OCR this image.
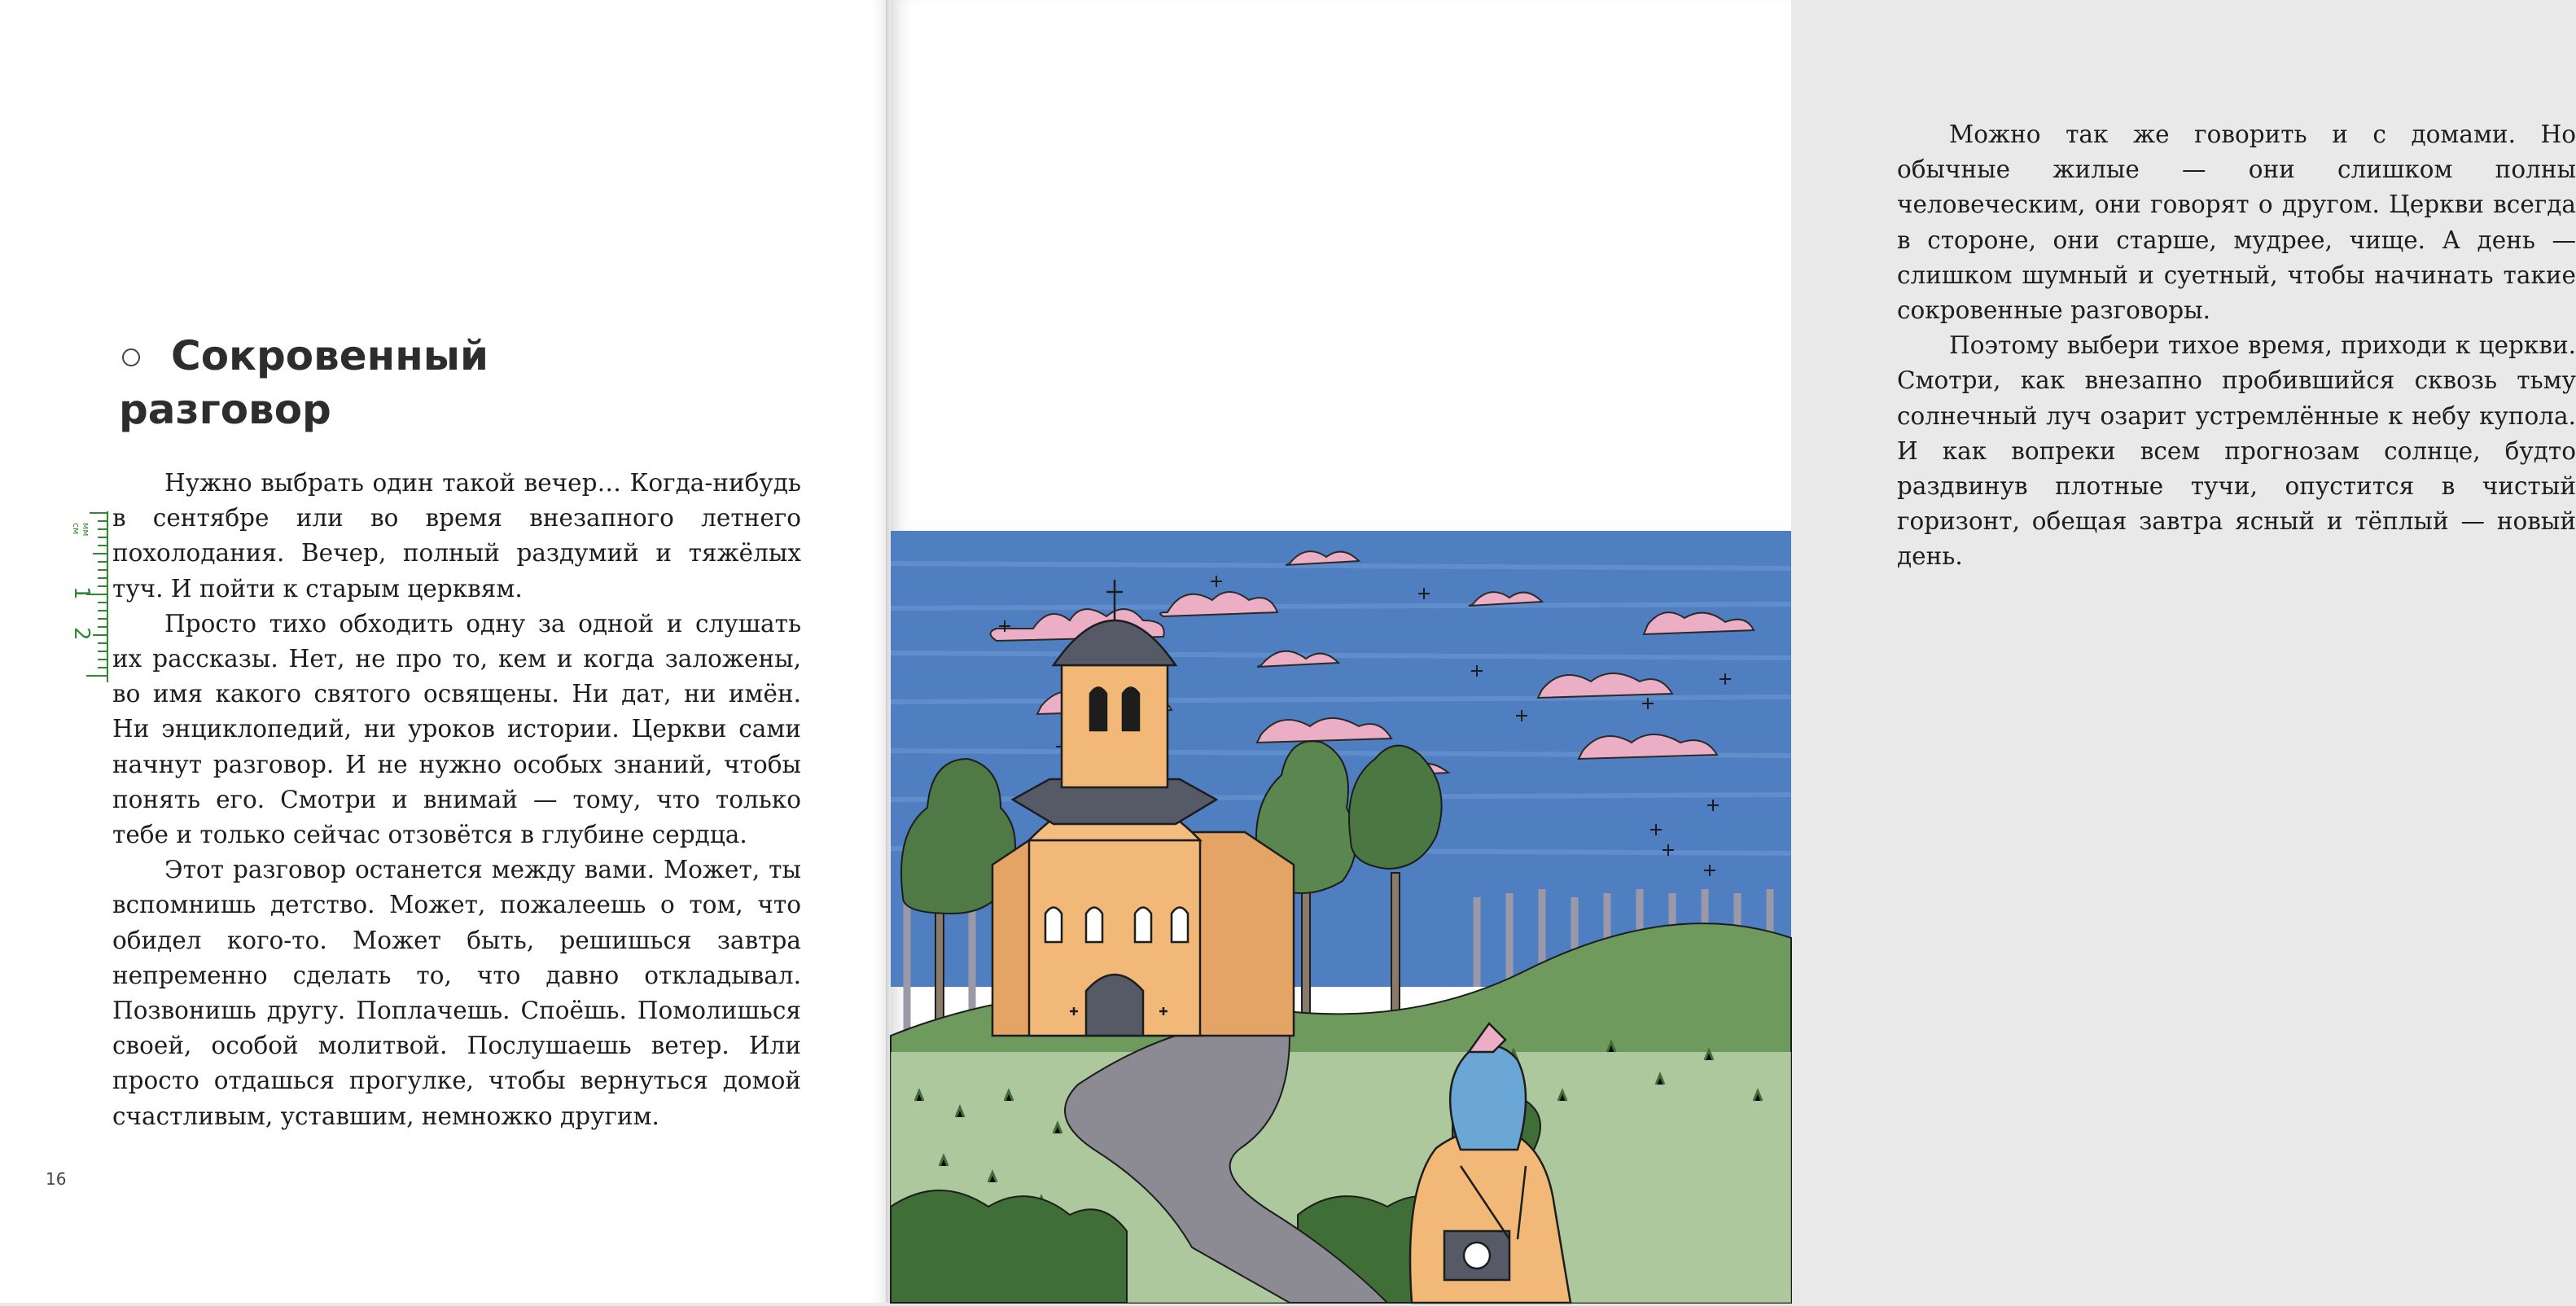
Сокровенный
разговор
мм
см
1
2

Нужно выбрать один такой вечер… Когда-нибудь в сентябре или во время внезапного летнего похолодания. Вечер, полный раздумий и тяжёлых туч. И пойти к старым церквям.

Просто тихо обходить одну за одной и слушать их рассказы. Нет, не про то, кем и когда заложены, во имя какого святого освящены. Ни дат, ни имён. Ни энциклопедий, ни уроков истории. Церкви сами начнут разговор. И не нужно особых знаний, чтобы понять его. Смотри и внимай — тому, что только тебе и только сейчас отзовётся в глубине сердца.

Этот разговор останется между вами. Может, ты вспомнишь детство. Может, пожалеешь о том, что обидел кого-то. Может быть, решишься завтра непременно сделать то, что давно откладывал. Позвонишь другу. Поплачешь. Споёшь. Помолишься своей, особой молитвой. Послушаешь ветер. Или просто отдашься прогулке, чтобы вернуться домой счастливым, уставшим, немножко другим.

16

Можно так же говорить и с домами. Но обычные жилые — они слишком полны человеческим, они говорят о другом. Церкви всегда в стороне, они старше, мудрее, чище. А день — слишком шумный и суетный, чтобы начинать такие сокровенные разговоры.

Поэтому выбери тихое время, приходи к церкви. Смотри, как внезапно пробившийся сквозь тьму солнечный луч озарит устремлённые к небу купола. И как вопреки всем прогнозам солнце, будто раздвинув плотные тучи, опустится в чистый горизонт, обещая завтра ясный и тёплый — новый день.
